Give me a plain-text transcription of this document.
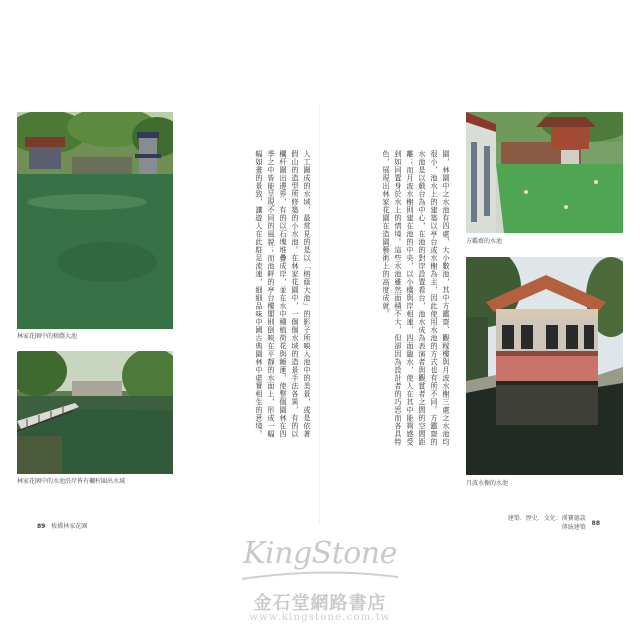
林家花園中的榕蔭大池
林家花園中的水池沿岸皆有欄杆圍出水域
人工圍成的水域，最常見的是以「榕蔭大池」的影子所映入池中的美景，或是依著假山的造型所修築的小水池。在林家花園中，一個個水域的造景手法各異，有的以欄杆圍出邊界，有的以石塊堆疊成岸，並在水中種植荷花與睡蓮，使整個園林在四季之中皆能呈現不同的風貌；而池畔的亭台樓閣則倒映在平靜的水面上，形成一幅幅如畫的景致，讓遊人在此駐足流連，細細品味中國古典園林中虛實相生的意境。
89 板橋林家花園
園，林園中之水池有四處，大小數池，其中方鑑齋、觀稼樓與月波水榭三處之水池均很小，池水上的建築以亭台或水榭為主，因此使用水池的方式也有所不同。方鑑齋的水池是以戲台為中心，在池的對岸設置看台，池水成為表演者與觀賞者之間的空間距離；而月波水榭則建在池的中央，以小橋與岸相連，四面臨水，使人在其中能夠感受到如同置身於水上的情境。這些水池雖然面積不大，但卻因為設計者的巧思而各具特色，展現出林家花園在造園藝術上的高度成就。	方鑑齋的水池
月波水榭的水池
建築．歷史．文化：漢寶德談傳統建築 88
KingStone
金石堂網路書店
www.kingstone.com.tw
